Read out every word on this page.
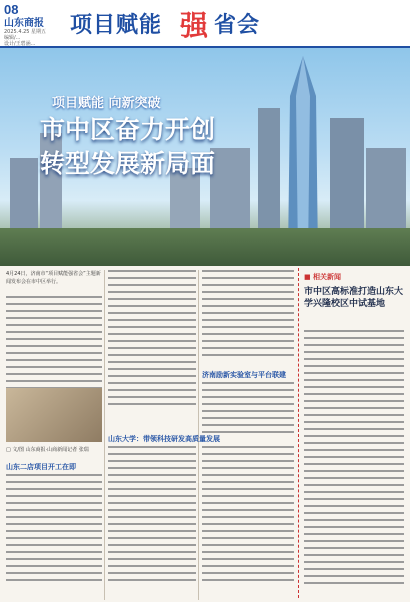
08
山东商报
2025.4.25 星期五
编辑/...
设计/王碧涵...
项目赋能 强 省会
项目赋能 向新突破
市中区奋力开创
转型发展新局面
4月24日，济南市“项目赋能强省会”主题新闻发布会在市中区举行。
济南励新实验室与平台联建
□ 文/图 山东商报·山商新闻记者 张瑞
山东二店项目开工在即
山东大学：带领科技研发高质量发展
■ 相关新闻
市中区高标准打造山东大学兴隆校区中试基地
